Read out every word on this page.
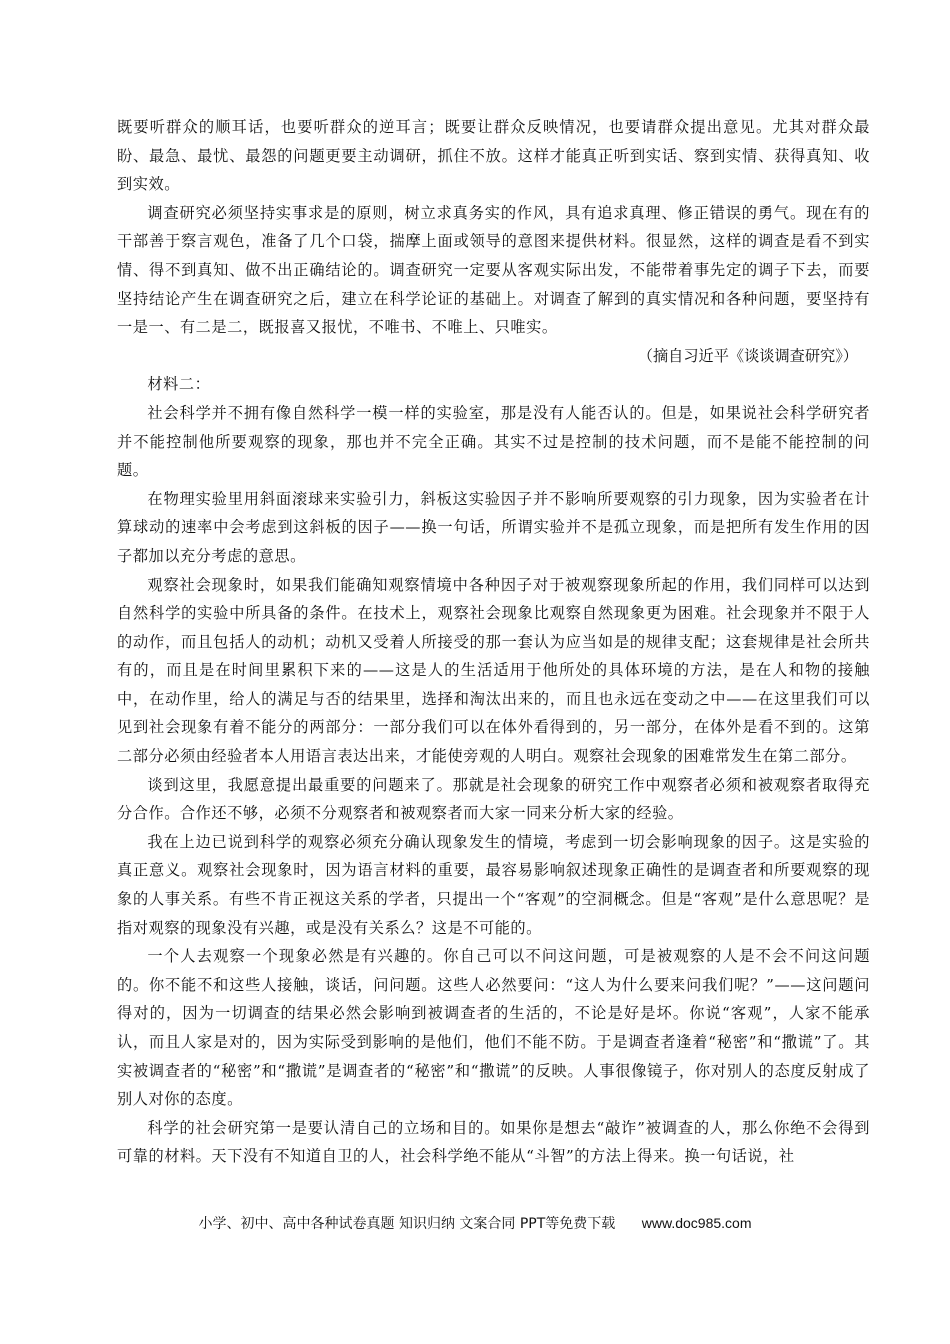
既要听群众的顺耳话，也要听群众的逆耳言；既要让群众反映情况，也要请群众提出意见。尤其对群众最盼、最急、最忧、最怨的问题更要主动调研，抓住不放。这样才能真正听到实话、察到实情、获得真知、收到实效。

调查研究必须坚持实事求是的原则，树立求真务实的作风，具有追求真理、修正错误的勇气。现在有的干部善于察言观色，准备了几个口袋，揣摩上面或领导的意图来提供材料。很显然，这样的调查是看不到实情、得不到真知、做不出正确结论的。调查研究一定要从客观实际出发，不能带着事先定的调子下去，而要坚持结论产生在调查研究之后，建立在科学论证的基础上。对调查了解到的真实情况和各种问题，要坚持有一是一、有二是二，既报喜又报忧，不唯书、不唯上、只唯实。

（摘自习近平《谈谈调查研究》）

材料二：

社会科学并不拥有像自然科学一模一样的实验室，那是没有人能否认的。但是，如果说社会科学研究者并不能控制他所要观察的现象，那也并不完全正确。其实不过是控制的技术问题，而不是能不能控制的问题。

在物理实验里用斜面滚球来实验引力，斜板这实验因子并不影响所要观察的引力现象，因为实验者在计算球动的速率中会考虑到这斜板的因子——换一句话，所谓实验并不是孤立现象，而是把所有发生作用的因子都加以充分考虑的意思。

观察社会现象时，如果我们能确知观察情境中各种因子对于被观察现象所起的作用，我们同样可以达到自然科学的实验中所具备的条件。在技术上，观察社会现象比观察自然现象更为困难。社会现象并不限于人的动作，而且包括人的动机；动机又受着人所接受的那一套认为应当如是的规律支配；这套规律是社会所共有的，而且是在时间里累积下来的——这是人的生活适用于他所处的具体环境的方法，是在人和物的接触中，在动作里，给人的满足与否的结果里，选择和淘汰出来的，而且也永远在变动之中——在这里我们可以见到社会现象有着不能分的两部分：一部分我们可以在体外看得到的，另一部分，在体外是看不到的。这第二部分必须由经验者本人用语言表达出来，才能使旁观的人明白。观察社会现象的困难常发生在第二部分。

谈到这里，我愿意提出最重要的问题来了。那就是社会现象的研究工作中观察者必须和被观察者取得充分合作。合作还不够，必须不分观察者和被观察者而大家一同来分析大家的经验。

我在上边已说到科学的观察必须充分确认现象发生的情境，考虑到一切会影响现象的因子。这是实验的真正意义。观察社会现象时，因为语言材料的重要，最容易影响叙述现象正确性的是调查者和所要观察的现象的人事关系。有些不肯正视这关系的学者，只提出一个“客观”的空洞概念。但是“客观”是什么意思呢？是指对观察的现象没有兴趣，或是没有关系么？这是不可能的。

一个人去观察一个现象必然是有兴趣的。你自己可以不问这问题，可是被观察的人是不会不问这问题的。你不能不和这些人接触，谈话，问问题。这些人必然要问：“这人为什么要来问我们呢？”——这问题问得对的，因为一切调查的结果必然会影响到被调查者的生活的，不论是好是坏。你说“客观”，人家不能承认，而且人家是对的，因为实际受到影响的是他们，他们不能不防。于是调查者逢着“秘密”和“撒谎”了。其实被调查者的“秘密”和“撒谎”是调查者的“秘密”和“撒谎”的反映。人事很像镜子，你对别人的态度反射成了别人对你的态度。

科学的社会研究第一是要认清自己的立场和目的。如果你是想去“敲诈”被调查的人，那么你绝不会得到可靠的材料。天下没有不知道自卫的人，社会科学绝不能从“斗智”的方法上得来。换一句话说，社

小学、初中、高中各种试卷真题 知识归纳 文案合同 PPT等免费下载 www.doc985.com
